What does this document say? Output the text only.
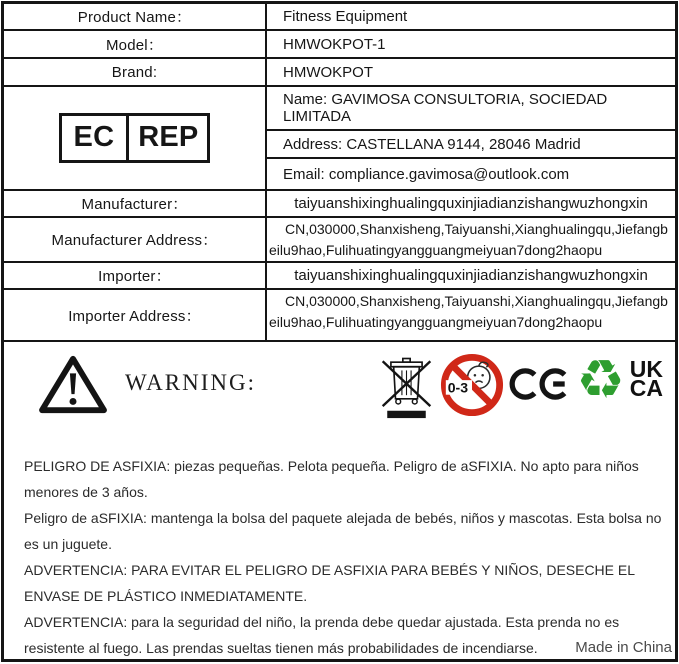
Product Name：	Fitness Equipment
Model：	HMWOKPOT-1
Brand:	HMWOKPOT
EC REP
Name: GAVIMOSA CONSULTORIA, SOCIEDAD LIMITADA
Address: CASTELLANA 9144, 28046 Madrid
Email: compliance.gavimosa@outlook.com
Manufacturer：	taiyuanshixinghualingquxinjiadianzishangwuzhongxin
Manufacturer Address：
CN,030000,Shanxisheng,Taiyuanshi,Xianghualingqu,Jiefangbeilu9hao,Fulihuatingyangguangmeiyuan7dong2haopu
Importer：	taiyuanshixinghualingquxinjiadianzishangwuzhongxin
Importer Address：
CN,030000,Shanxisheng,Taiyuanshi,Xianghualingqu,Jiefangbeilu9hao,Fulihuatingyangguangmeiyuan7dong2haopu
WARNING:	0-3 ♻ UK
CA

PELIGRO DE ASFIXIA: piezas pequeñas. Pelota pequeña. Peligro de aSFIXIA. No apto para niños menores de 3 años.

Peligro de aSFIXIA: mantenga la bolsa del paquete alejada de bebés, niños y mascotas. Esta bolsa no es un juguete.

ADVERTENCIA: PARA EVITAR EL PELIGRO DE ASFIXIA PARA BEBÉS Y NIÑOS, DESECHE EL ENVASE DE PLÁSTICO INMEDIATAMENTE.

ADVERTENCIA: para la seguridad del niño, la prenda debe quedar ajustada. Esta prenda no es resistente al fuego. Las prendas sueltas tienen más probabilidades de incendiarse.	Made in China
